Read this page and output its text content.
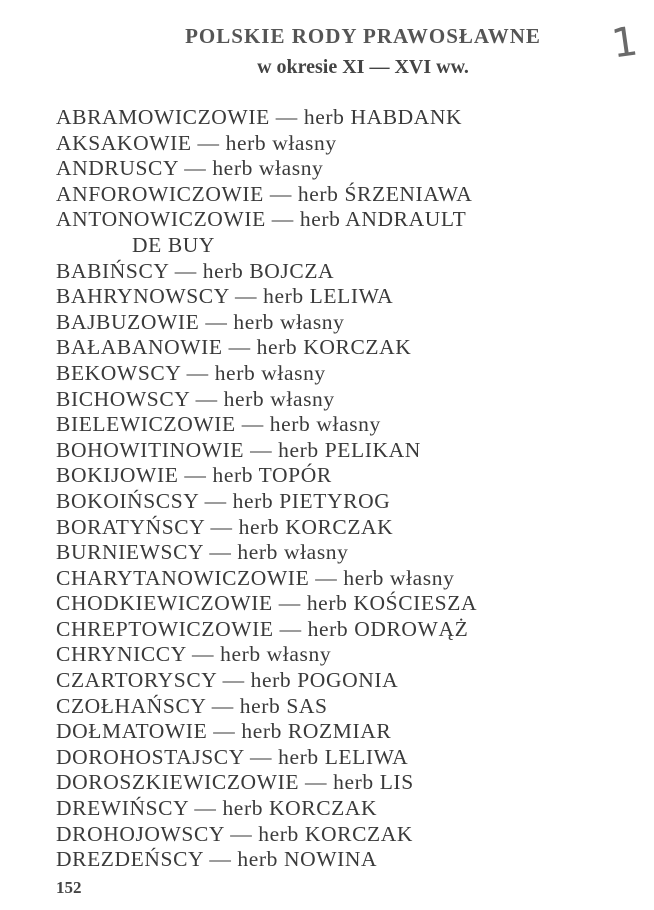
POLSKIE RODY PRAWOSŁAWNE
w okresie XI — XVI ww.	1
ABRAMOWICZOWIE — herb HABDANK
AKSAKOWIE — herb własny
ANDRUSCY — herb własny
ANFOROWICZOWIE — herb ŚRZENIAWA
ANTONOWICZOWIE — herb ANDRAULT
DE BUY
BABIŃSCY — herb BOJCZA
BAHRYNOWSCY — herb LELIWA
BAJBUZOWIE — herb własny
BAŁABANOWIE — herb KORCZAK
BEKOWSCY — herb własny
BICHOWSCY — herb własny
BIELEWICZOWIE — herb własny
BOHOWITINOWIE — herb PELIKAN
BOKIJOWIE — herb TOPÓR
BOKOIŃSCSY — herb PIETYROG
BORATYŃSCY — herb KORCZAK
BURNIEWSCY — herb własny
CHARYTANOWICZOWIE — herb własny
CHODKIEWICZOWIE — herb KOŚCIESZA
CHREPTOWICZOWIE — herb ODROWĄŻ
CHRYNICCY — herb własny
CZARTORYSCY — herb POGONIA
CZOŁHAŃSCY — herb SAS
DOŁMATOWIE — herb ROZMIAR
DOROHOSTAJSCY — herb LELIWA
DOROSZKIEWICZOWIE — herb LIS
DREWIŃSCY — herb KORCZAK
DROHOJOWSCY — herb KORCZAK
DREZDEŃSCY — herb NOWINA
152
